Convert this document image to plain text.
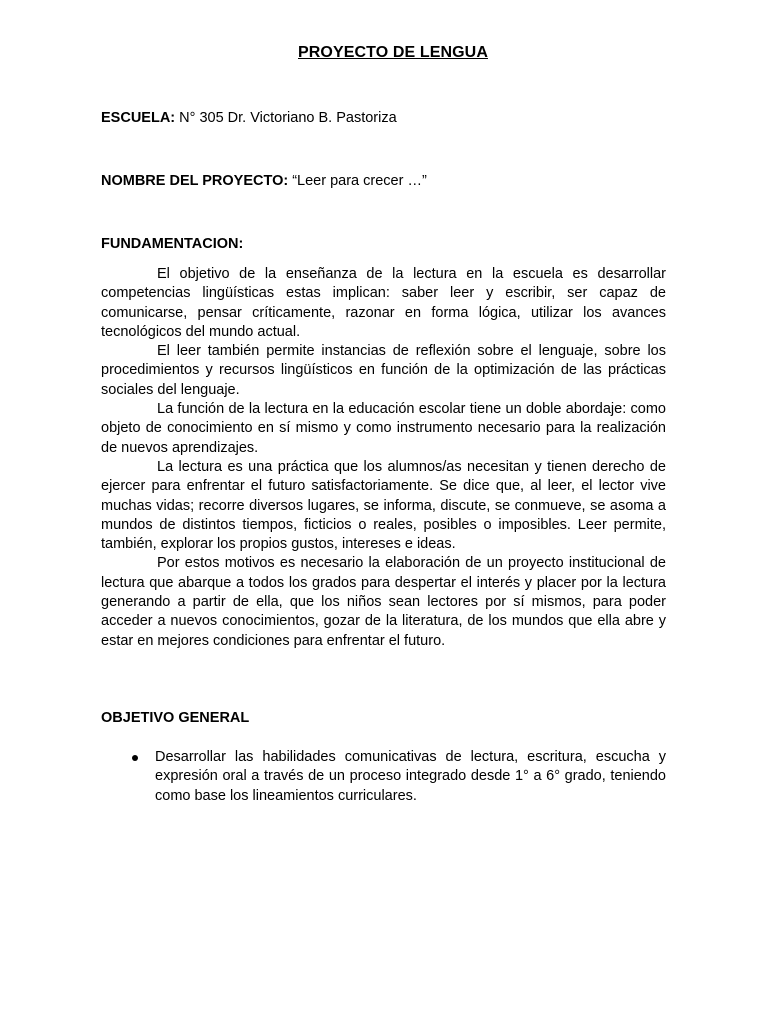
PROYECTO DE LENGUA
ESCUELA: N° 305 Dr. Victoriano B. Pastoriza
NOMBRE DEL PROYECTO: “Leer para crecer …”
FUNDAMENTACION:

El objetivo de la enseñanza de la lectura en la escuela es desarrollar competencias lingüísticas estas implican: saber leer y escribir, ser capaz de comunicarse, pensar críticamente, razonar en forma lógica, utilizar los avances tecnológicos del mundo actual.

El leer también permite instancias de reflexión sobre el lenguaje, sobre los procedimientos y recursos lingüísticos en función de la optimización de las prácticas sociales del lenguaje.

La función de la lectura en la educación escolar tiene un doble abordaje: como objeto de conocimiento en sí mismo y como instrumento necesario para la realización de nuevos aprendizajes.

La lectura es una práctica que los alumnos/as necesitan y tienen derecho de ejercer para enfrentar el futuro satisfactoriamente. Se dice que, al leer, el lector vive muchas vidas; recorre diversos lugares, se informa, discute, se conmueve, se asoma a mundos de distintos tiempos, ficticios o reales, posibles o imposibles. Leer permite, también, explorar los propios gustos, intereses e ideas.

Por estos motivos es necesario la elaboración de un proyecto institucional de lectura que abarque a todos los grados para despertar el interés y placer por la lectura generando a partir de ella, que los niños sean lectores por sí mismos, para poder acceder a nuevos conocimientos, gozar de la literatura, de los mundos que ella abre y estar en mejores condiciones para enfrentar el futuro.

OBJETIVO GENERAL
Desarrollar las habilidades comunicativas de lectura, escritura, escucha y expresión oral a través de un proceso integrado desde 1° a 6° grado, teniendo como base los lineamientos curriculares.
